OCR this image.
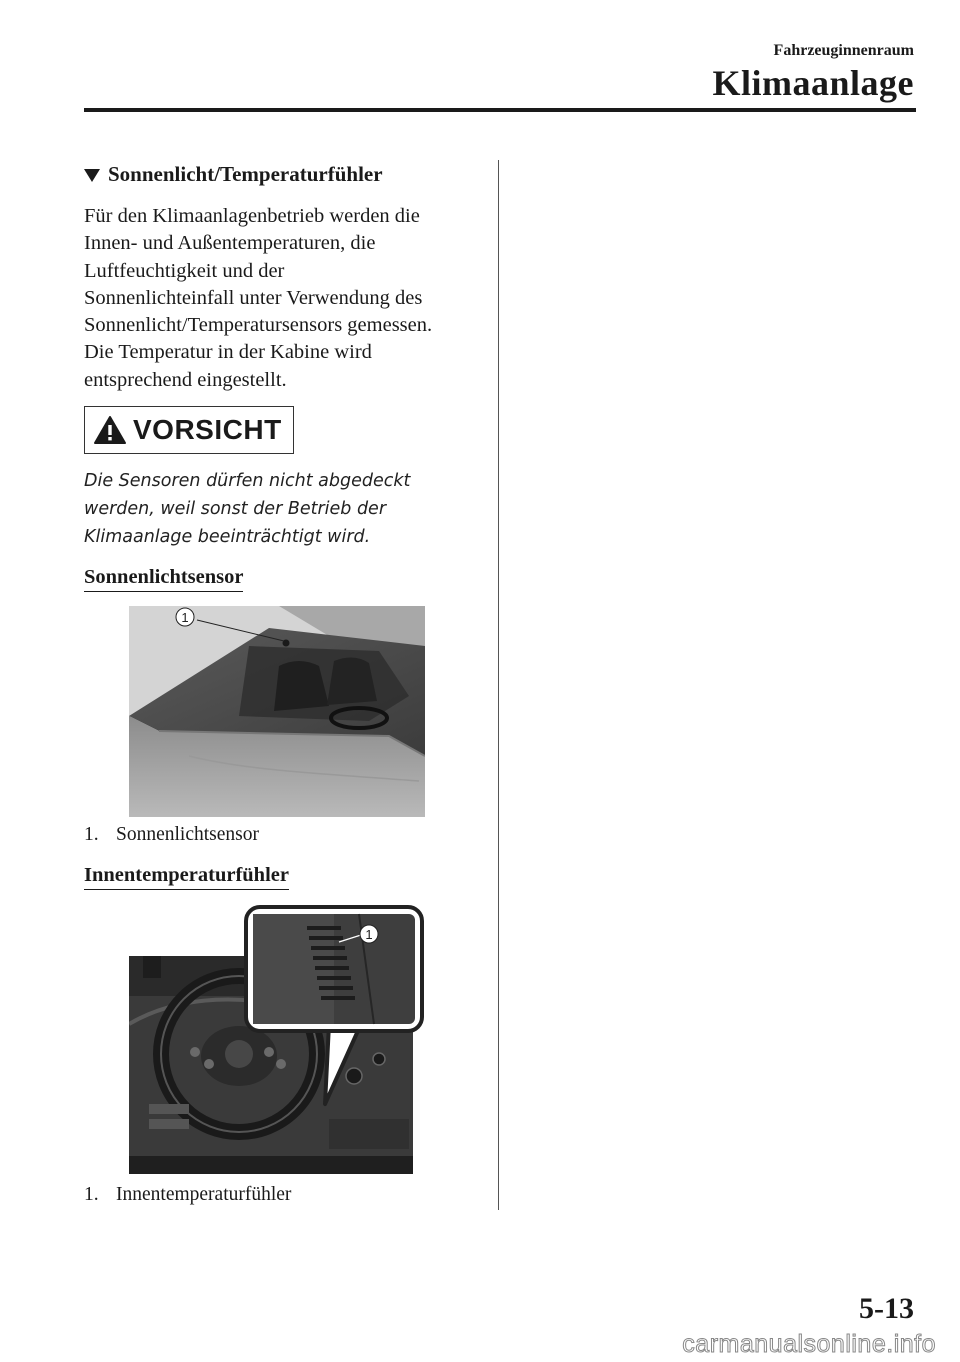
Fahrzeuginnenraum
Klimaanlage
Sonnenlicht/Temperaturfühler
Für den Klimaanlagenbetrieb werden die
Innen- und Außentemperaturen, die
Luftfeuchtigkeit und der
Sonnenlichteinfall unter Verwendung des
Sonnenlicht/Temperatursensors gemessen.
Die Temperatur in der Kabine wird
entsprechend eingestellt.
VORSICHT
Die Sensoren dürfen nicht abgedeckt
werden, weil sonst der Betrieb der
Klimaanlage beeinträchtigt wird.
Sonnenlichtsensor
1
1. Sonnenlichtsensor
Innentemperaturfühler
1
1. Innentemperaturfühler
5-13
carmanualsonline.info
